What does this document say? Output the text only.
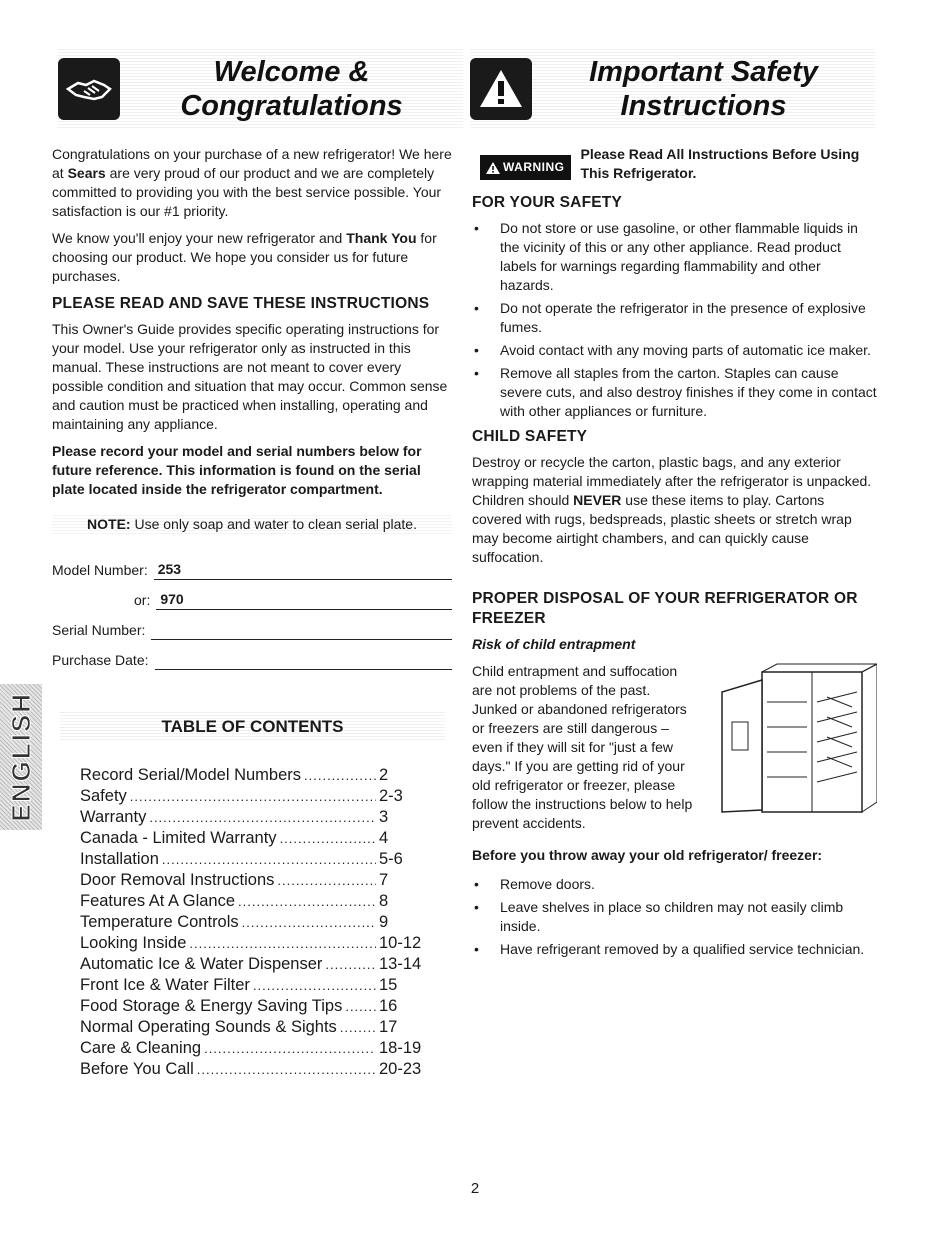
Welcome &
Congratulations
Important Safety
Instructions

Congratulations on your purchase of a new refrigerator! We here at Sears are very proud of our product and we are completely committed to providing you with the best service possible. Your satisfaction is our #1 priority.

We know you'll enjoy your new refrigerator and Thank You for choosing our product. We hope you consider us for future purchases.

PLEASE READ AND SAVE THESE INSTRUCTIONS

This Owner's Guide provides specific operating instructions for your model. Use your refrigerator only as instructed in this manual. These instructions are not meant to cover every possible condition and situation that may occur. Common sense and caution must be practiced when installing, operating and maintaining any appliance.

Please record your model and serial numbers below for future reference. This information is found on the serial plate located inside the refrigerator compartment.

NOTE: Use only soap and water to clean serial plate.

Model Number: 253
or: 970
Serial Number:
Purchase Date:
ENGLISH	TABLE OF CONTENTS
Record Serial/Model Numbers .....	2
Safety .....	2-3
Warranty .....	3
Canada - Limited Warranty .....	4
Installation .....	5-6
Door Removal Instructions .....	7
Features At A Glance .....	8
Temperature Controls .....	9
Looking Inside .....	10-12
Automatic Ice & Water Dispenser .....	13-14
Front Ice & Water Filter .....	15
Food Storage & Energy Saving Tips ..... 16
Normal Operating Sounds & Sights .....	17
Care & Cleaning .....	18-19
Before You Call .....	20-23
WARNING
Please Read All Instructions Before Using This Refrigerator.
FOR YOUR SAFETY
• Do not store or use gasoline, or other flammable liquids in the vicinity of this or any other appliance. Read product labels for warnings regarding flammability and other hazards.
• Do not operate the refrigerator in the presence of explosive fumes.
• Avoid contact with any moving parts of automatic ice maker.
• Remove all staples from the carton. Staples can cause severe cuts, and also destroy finishes if they come in contact with other appliances or furniture.
CHILD SAFETY

Destroy or recycle the carton, plastic bags, and any exterior wrapping material immediately after the refrigerator is unpacked. Children should NEVER use these items to play. Cartons covered with rugs, bedspreads, plastic sheets or stretch wrap may become airtight chambers, and can quickly cause suffocation.

PROPER DISPOSAL OF YOUR REFRIGERATOR OR FREEZER
Risk of child entrapment
Child entrapment and suffocation are not problems of the past. Junked or abandoned refrigerators or freezers are still dangerous – even if they will sit for "just a few days." If you are getting rid of your old refrigerator or freezer, please follow the instructions below to help prevent accidents.
Before you throw away your old refrigerator/ freezer:
• Remove doors.
• Leave shelves in place so children may not easily climb inside.
• Have refrigerant removed by a qualified service technician.
2
